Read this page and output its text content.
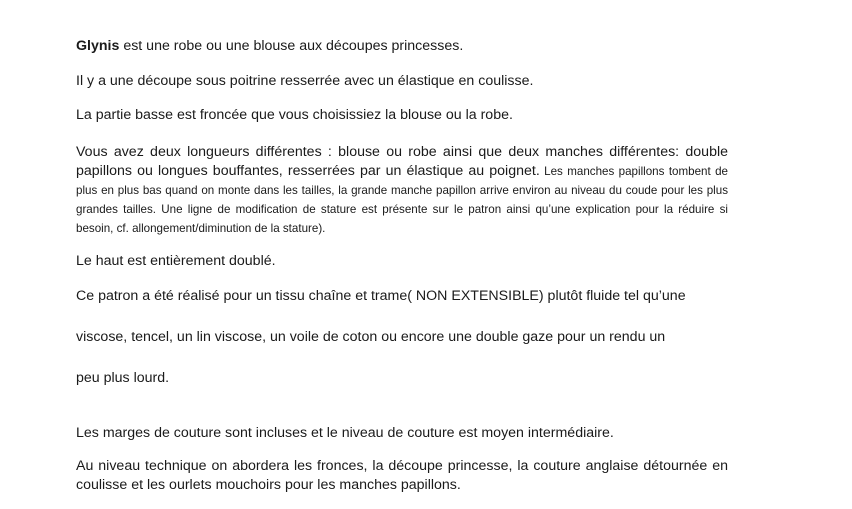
Glynis est une robe ou une blouse aux découpes princesses.

Il y a une découpe sous poitrine resserrée avec un élastique en coulisse.

La partie basse est froncée que vous choisissiez la blouse ou la robe.

Vous avez deux longueurs différentes : blouse ou robe ainsi que deux manches différentes: double papillons ou longues bouffantes, resserrées par un élastique au poignet. Les manches papillons tombent de plus en plus bas quand on monte dans les tailles, la grande manche papillon arrive environ au niveau du coude pour les plus grandes tailles. Une ligne de modification de stature est présente sur le patron ainsi qu’une explication pour la réduire si besoin, cf. allongement/diminution de la stature).

Le haut est entièrement doublé.

Ce patron a été réalisé pour un tissu chaîne et trame( NON EXTENSIBLE) plutôt fluide tel qu’une

viscose, tencel, un lin viscose, un voile de coton ou encore une double gaze pour un rendu un

peu plus lourd.

Les marges de couture sont incluses et le niveau de couture est moyen intermédiaire.

Au niveau technique on abordera les fronces, la découpe princesse, la couture anglaise détournée en coulisse et les ourlets mouchoirs pour les manches papillons.
